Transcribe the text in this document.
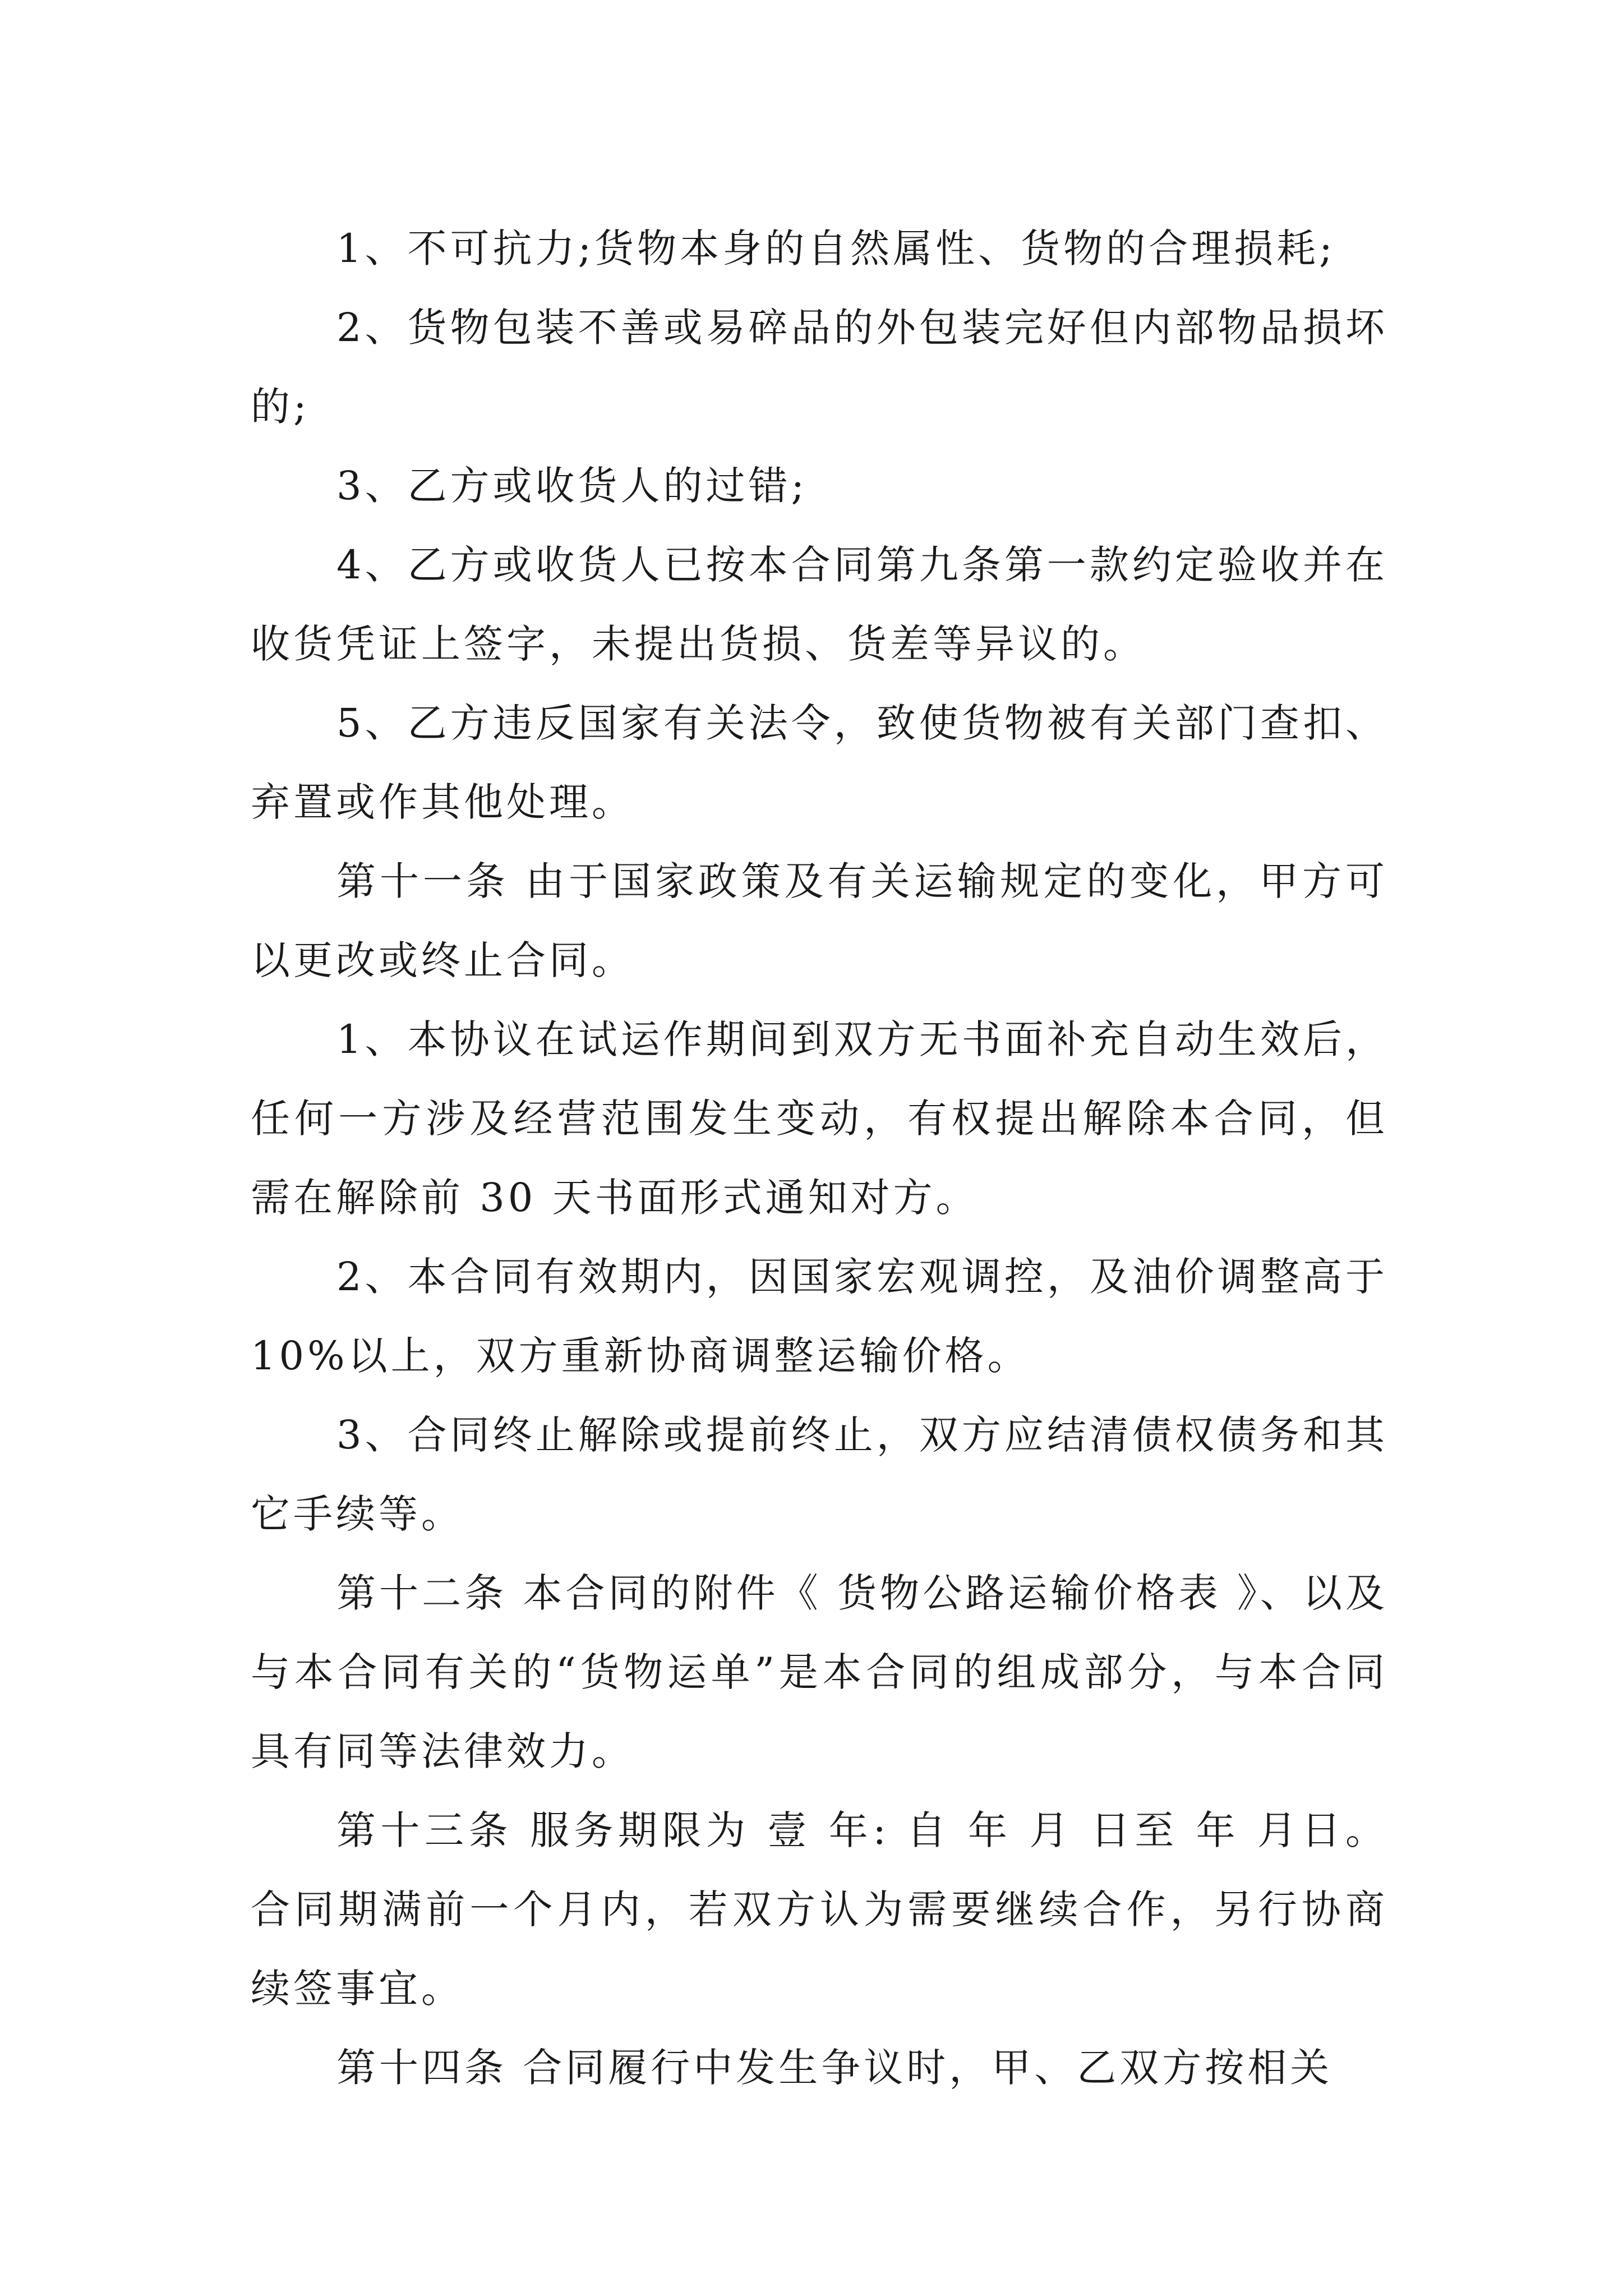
1、不可抗力;货物本身的自然属性、货物的合理损耗;

2、货物包装不善或易碎品的外包装完好但内部物品损坏的;

3、乙方或收货人的过错;

4、乙方或收货人已按本合同第九条第一款约定验收并在收货凭证上签字，未提出货损、货差等异议的。

5、乙方违反国家有关法令，致使货物被有关部门查扣、弃置或作其他处理。

第十一条 由于国家政策及有关运输规定的变化，甲方可以更改或终止合同。

1、本协议在试运作期间到双方无书面补充自动生效后，任何一方涉及经营范围发生变动，有权提出解除本合同，但需在解除前 30 天书面形式通知对方。

2、本合同有效期内，因国家宏观调控，及油价调整高于 10%以上，双方重新协商调整运输价格。

3、合同终止解除或提前终止，双方应结清债权债务和其它手续等。

第十二条 本合同的附件《 货物公路运输价格表 》、以及与本合同有关的“货物运单”是本合同的组成部分，与本合同具有同等法律效力。

第十三条 服务期限为 壹 年: 自 年 月 日至 年 月日。合同期满前一个月内，若双方认为需要继续合作，另行协商续签事宜。

第十四条 合同履行中发生争议时，甲、乙双方按相关
